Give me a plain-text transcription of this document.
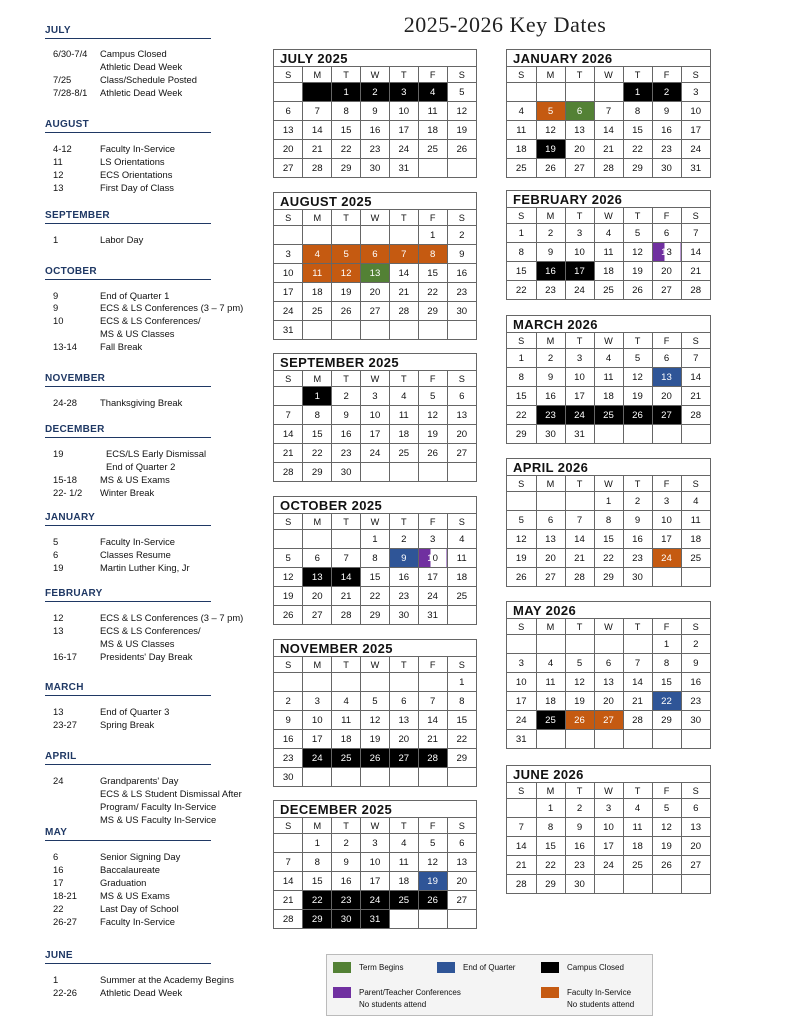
2025-2026 Key Dates
JULY
6/30-7/4	Campus Closed
Athletic Dead Week
7/25	Class/Schedule Posted
7/28-8/1	Athletic Dead Week
AUGUST
4-12	Faculty In-Service
11	LS Orientations
12	ECS Orientations
13	First Day of Class
SEPTEMBER
1	Labor Day
OCTOBER
9	End of Quarter 1
9	ECS & LS Conferences (3 – 7 pm)
10	ECS & LS Conferences/
MS & US Classes
13-14	Fall Break
NOVEMBER
24-28	Thanksgiving Break
DECEMBER
19	ECS/LS Early Dismissal
End of Quarter 2
15-18	MS & US Exams
22- 1/2	Winter Break
JANUARY
5	Faculty In-Service
6	Classes Resume
19	Martin Luther King, Jr
FEBRUARY
12	ECS & LS Conferences (3 – 7 pm)
13	ECS & LS Conferences/
MS & US Classes
16-17	Presidents' Day Break
MARCH
13	End of Quarter 3
23-27	Spring Break
APRIL
24	Grandparents' Day
ECS & LS Student Dismissal After
Program/ Faculty In-Service
MS & US Faculty In-Service
MAY
6	Senior Signing Day
16	Baccalaureate
17	Graduation
18-21	MS & US Exams
22	Last Day of School
26-27	Faculty In-Service
JUNE
1	Summer at the Academy Begins
22-26	Athletic Dead Week
JULY 2025
S	M	T	W	T	F	S
		1	2	3	4	5
6	7	8	9	10	11	12
13	14	15	16	17	18	19
20	21	22	23	24	25	26
27	28	29	30	31		
AUGUST 2025
S	M	T	W	T	F	S
					1	2
3	4	5	6	7	8	9
10	11	12	13	14	15	16
17	18	19	20	21	22	23
24	25	26	27	28	29	30
31						
SEPTEMBER 2025
S	M	T	W	T	F	S
	1	2	3	4	5	6
7	8	9	10	11	12	13
14	15	16	17	18	19	20
21	22	23	24	25	26	27
28	29	30				
OCTOBER 2025
S	M	T	W	T	F	S
			1	2	3	4
5	6	7	8	9	10	11
12	13	14	15	16	17	18
19	20	21	22	23	24	25
26	27	28	29	30	31	
NOVEMBER 2025
S	M	T	W	T	F	S
						1
2	3	4	5	6	7	8
9	10	11	12	13	14	15
16	17	18	19	20	21	22
23	24	25	26	27	28	29
30						
DECEMBER 2025
S	M	T	W	T	F	S
	1	2	3	4	5	6
7	8	9	10	11	12	13
14	15	16	17	18	19	20
21	22	23	24	25	26	27
28	29	30	31			
JANUARY 2026
S	M	T	W	T	F	S
				1	2	3
4	5	6	7	8	9	10
11	12	13	14	15	16	17
18	19	20	21	22	23	24
25	26	27	28	29	30	31
FEBRUARY 2026
S	M	T	W	T	F	S
1	2	3	4	5	6	7
8	9	10	11	12	13	14
15	16	17	18	19	20	21
22	23	24	25	26	27	28
MARCH 2026
S	M	T	W	T	F	S
1	2	3	4	5	6	7
8	9	10	11	12	13	14
15	16	17	18	19	20	21
22	23	24	25	26	27	28
29	30	31				
APRIL 2026
S	M	T	W	T	F	S
			1	2	3	4
5	6	7	8	9	10	11
12	13	14	15	16	17	18
19	20	21	22	23	24	25
26	27	28	29	30		
MAY 2026
S	M	T	W	T	F	S
					1	2
3	4	5	6	7	8	9
10	11	12	13	14	15	16
17	18	19	20	21	22	23
24	25	26	27	28	29	30
31						
JUNE 2026
S	M	T	W	T	F	S
	1	2	3	4	5	6
7	8	9	10	11	12	13
14	15	16	17	18	19	20
21	22	23	24	25	26	27
28	29	30				
Term Begins	End of Quarter	Campus Closed
Parent/Teacher Conferences
No students attend
Faculty In-Service
No students attend
